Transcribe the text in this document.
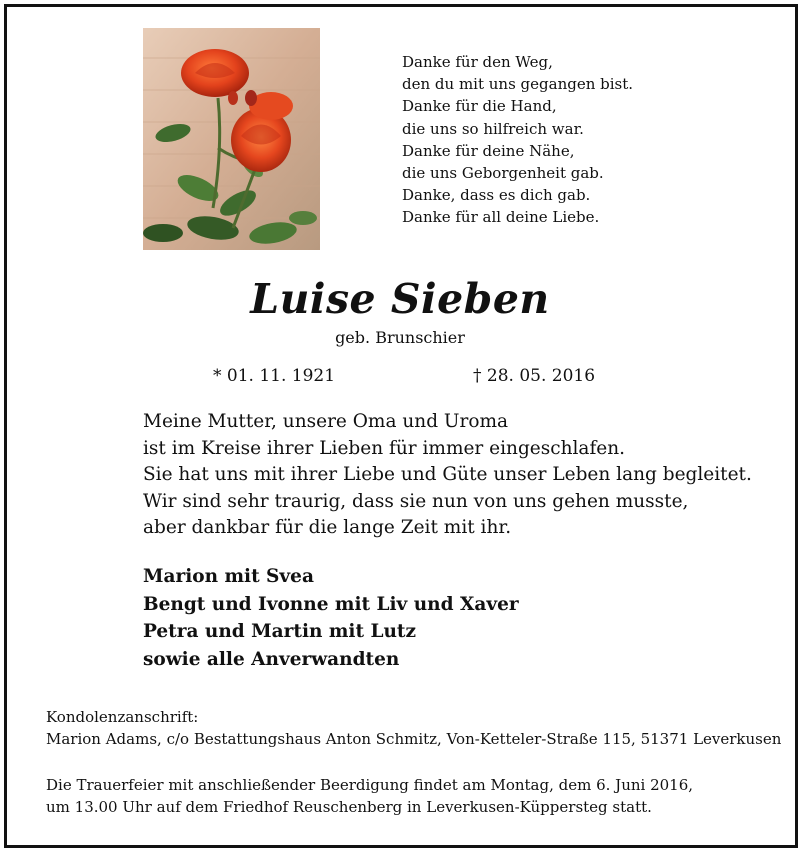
Danke für den Weg,
den du mit uns gegangen bist.
Danke für die Hand,
die uns so hilfreich war.
Danke für deine Nähe,
die uns Geborgenheit gab.
Danke, dass es dich gab.
Danke für all deine Liebe.
Luise Sieben
geb. Brunschier
* 01. 11. 1921	† 28. 05. 2016
Meine Mutter, unsere Oma und Uroma
ist im Kreise ihrer Lieben für immer eingeschlafen.
Sie hat uns mit ihrer Liebe und Güte unser Leben lang begleitet.
Wir sind sehr traurig, dass sie nun von uns gehen musste,
aber dankbar für die lange Zeit mit ihr.
Marion mit Svea
Bengt und Ivonne mit Liv und Xaver
Petra und Martin mit Lutz
sowie alle Anverwandten
Kondolenzanschrift:
Marion Adams, c/o Bestattungshaus Anton Schmitz, Von-Ketteler-Straße 115, 51371 Leverkusen
Die Trauerfeier mit anschließender Beerdigung findet am Montag, dem 6. Juni 2016,
um 13.00 Uhr auf dem Friedhof Reuschenberg in Leverkusen-Küppersteg statt.
